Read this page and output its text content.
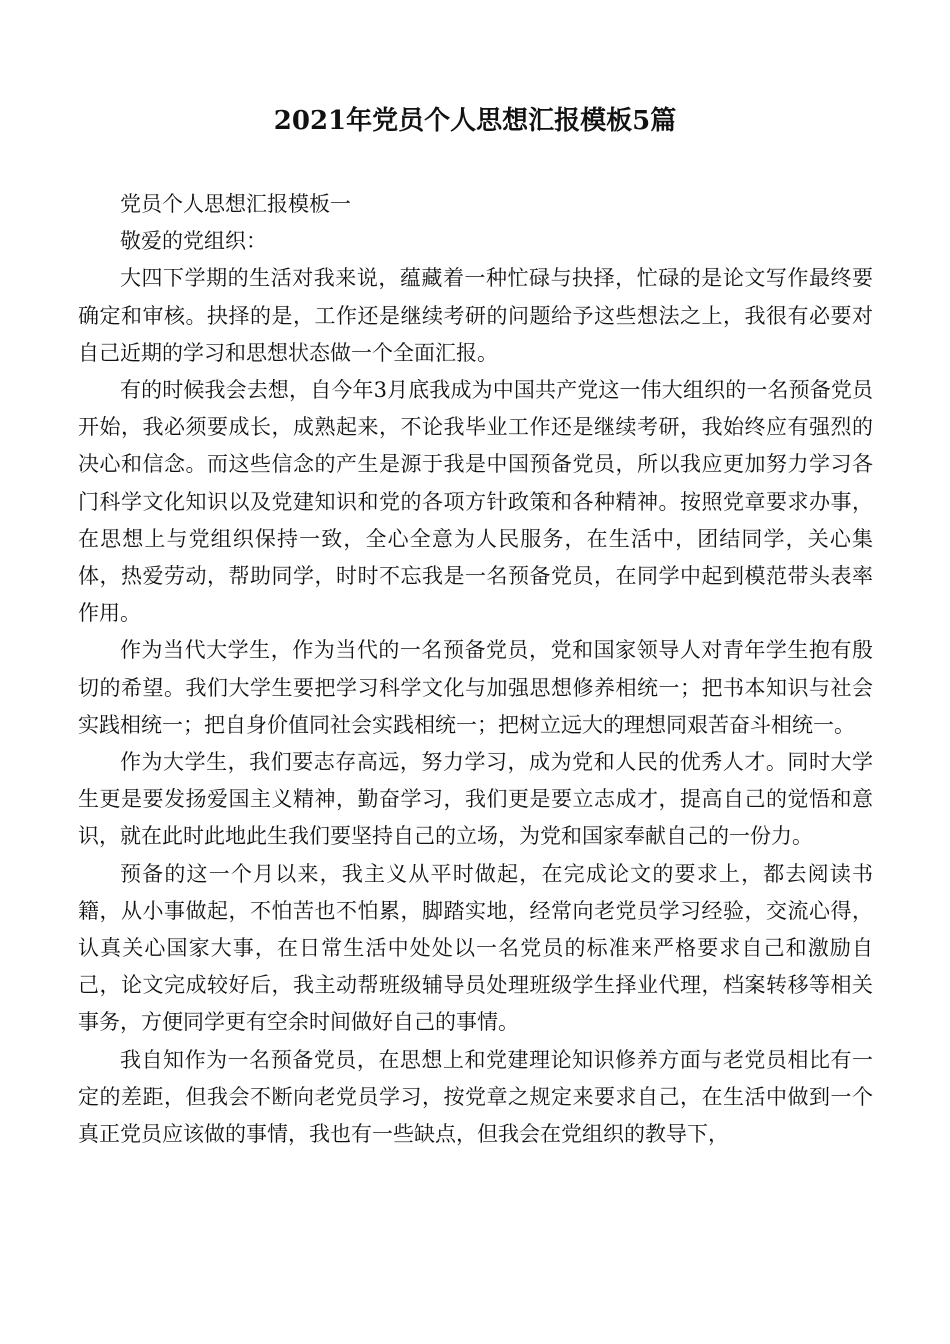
2021年党员个人思想汇报模板5篇

党员个人思想汇报模板一

敬爱的党组织：

大四下学期的生活对我来说，蕴藏着一种忙碌与抉择，忙碌的是论文写作最终要确定和审核。抉择的是，工作还是继续考研的问题给予这些想法之上，我很有必要对自己近期的学习和思想状态做一个全面汇报。

有的时候我会去想，自今年3月底我成为中国共产党这一伟大组织的一名预备党员开始，我必须要成长，成熟起来，不论我毕业工作还是继续考研，我始终应有强烈的决心和信念。而这些信念的产生是源于我是中国预备党员，所以我应更加努力学习各门科学文化知识以及党建知识和党的各项方针政策和各种精神。按照党章要求办事，在思想上与党组织保持一致，全心全意为人民服务，在生活中，团结同学，关心集体，热爱劳动，帮助同学，时时不忘我是一名预备党员，在同学中起到模范带头表率作用。

作为当代大学生，作为当代的一名预备党员，党和国家领导人对青年学生抱有殷切的希望。我们大学生要把学习科学文化与加强思想修养相统一；把书本知识与社会实践相统一；把自身价值同社会实践相统一；把树立远大的理想同艰苦奋斗相统一。

作为大学生，我们要志存高远，努力学习，成为党和人民的优秀人才。同时大学生更是要发扬爱国主义精神，勤奋学习，我们更是要立志成才，提高自己的觉悟和意识，就在此时此地此生我们要坚持自己的立场，为党和国家奉献自己的一份力。

预备的这一个月以来，我主义从平时做起，在完成论文的要求上，都去阅读书籍，从小事做起，不怕苦也不怕累，脚踏实地，经常向老党员学习经验，交流心得，认真关心国家大事，在日常生活中处处以一名党员的标准来严格要求自己和激励自己，论文完成较好后，我主动帮班级辅导员处理班级学生择业代理，档案转移等相关事务，方便同学更有空余时间做好自己的事情。

我自知作为一名预备党员，在思想上和党建理论知识修养方面与老党员相比有一定的差距，但我会不断向老党员学习，按党章之规定来要求自己，在生活中做到一个真正党员应该做的事情，我也有一些缺点，但我会在党组织的教导下，
